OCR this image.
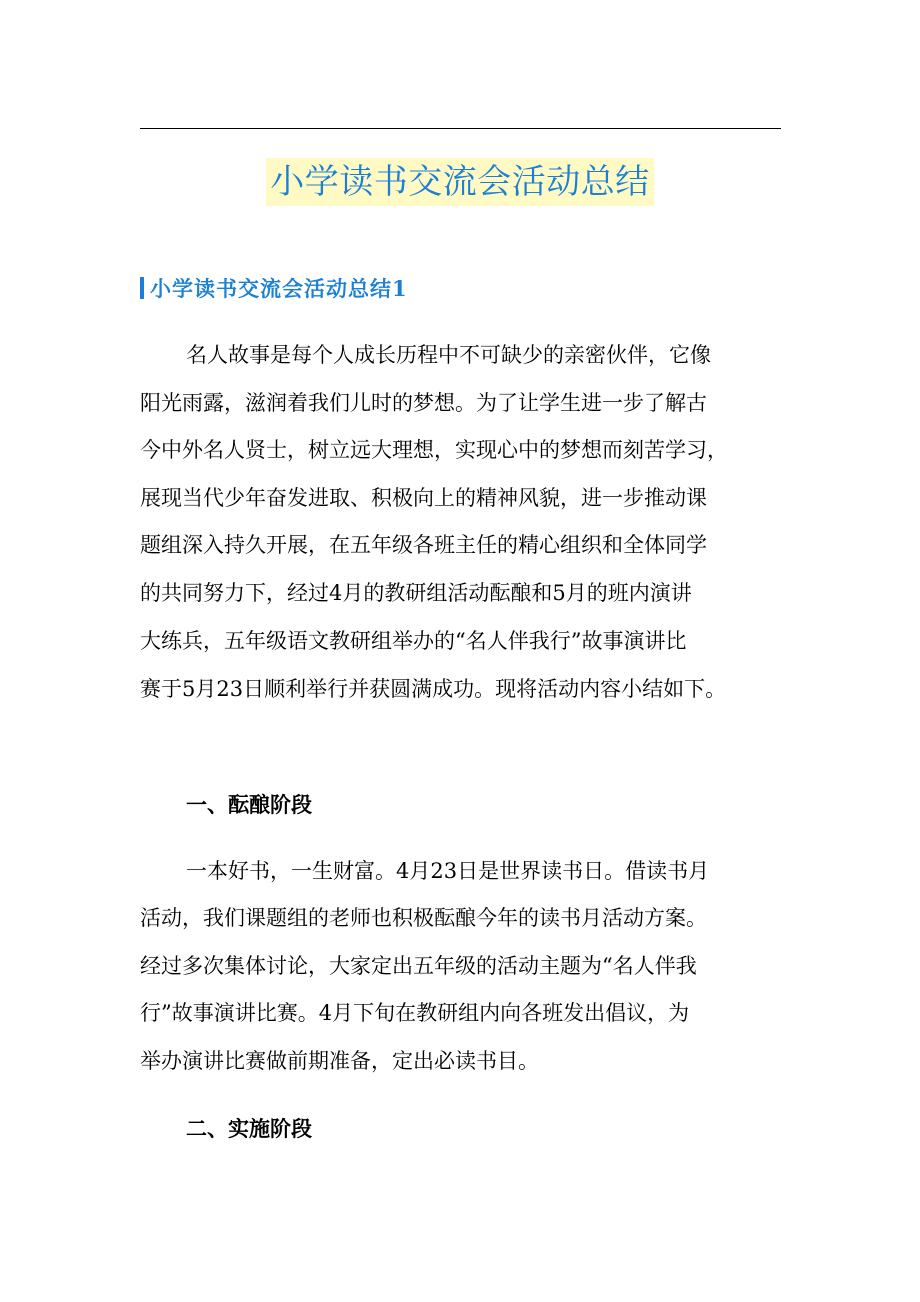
小学读书交流会活动总结
小学读书交流会活动总结1
名人故事是每个人成长历程中不可缺少的亲密伙伴，它像
阳光雨露，滋润着我们儿时的梦想。为了让学生进一步了解古
今中外名人贤士，树立远大理想，实现心中的梦想而刻苦学习，
展现当代少年奋发进取、积极向上的精神风貌，进一步推动课
题组深入持久开展，在五年级各班主任的精心组织和全体同学
的共同努力下，经过4月的教研组活动酝酿和5月的班内演讲
大练兵，五年级语文教研组举办的“名人伴我行”故事演讲比
赛于5月23日顺利举行并获圆满成功。现将活动内容小结如下。
一、酝酿阶段
一本好书，一生财富。4月23日是世界读书日。借读书月
活动，我们课题组的老师也积极酝酿今年的读书月活动方案。
经过多次集体讨论，大家定出五年级的活动主题为“名人伴我
行”故事演讲比赛。4月下旬在教研组内向各班发出倡议，为
举办演讲比赛做前期准备，定出必读书目。
二、实施阶段
